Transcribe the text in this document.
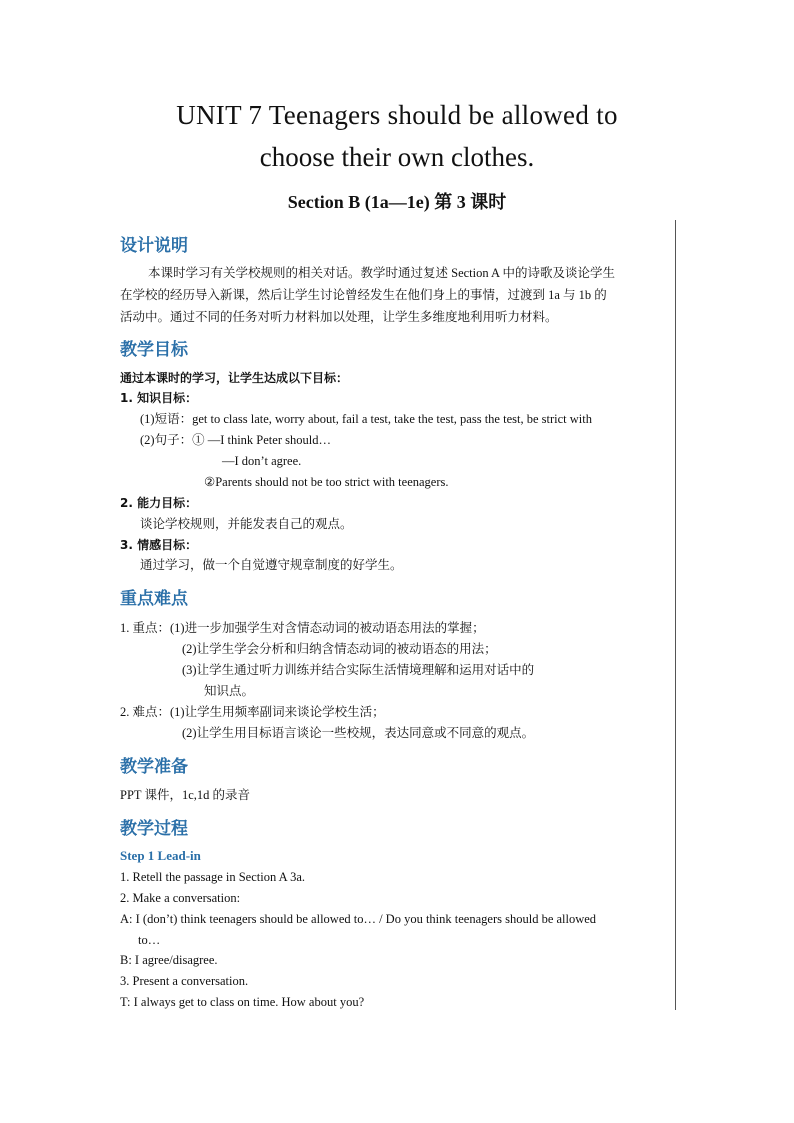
UNIT 7 Teenagers should be allowed to
choose their own clothes.
Section B (1a—1e) 第 3 课时
设计说明
本课时学习有关学校规则的相关对话。教学时通过复述 Section A 中的诗歌及谈论学生
在学校的经历导入新课，然后让学生讨论曾经发生在他们身上的事情，过渡到 1a 与 1b 的
活动中。通过不同的任务对听力材料加以处理，让学生多维度地利用听力材料。
教学目标
通过本课时的学习，让学生达成以下目标：
1. 知识目标：
(1)短语：get to class late, worry about, fail a test, take the test, pass the test, be strict with
(2)句子：① —I think Peter should…
—I don’t agree.
②Parents should not be too strict with teenagers.
2. 能力目标：
谈论学校规则，并能发表自己的观点。
3. 情感目标：
通过学习，做一个自觉遵守规章制度的好学生。
重点难点
1. 重点：(1)进一步加强学生对含情态动词的被动语态用法的掌握；
(2)让学生学会分析和归纳含情态动词的被动语态的用法；
(3)让学生通过听力训练并结合实际生活情境理解和运用对话中的
知识点。
2. 难点：(1)让学生用频率副词来谈论学校生活；
(2)让学生用目标语言谈论一些校规，表达同意或不同意的观点。
教学准备
PPT 课件，1c,1d 的录音
教学过程
Step 1 Lead-in
1. Retell the passage in Section A 3a.
2. Make a conversation:
A: I (don’t) think teenagers should be allowed to… / Do you think teenagers should be allowed
to…
B: I agree/disagree.
3. Present a conversation.
T: I always get to class on time. How about you?
